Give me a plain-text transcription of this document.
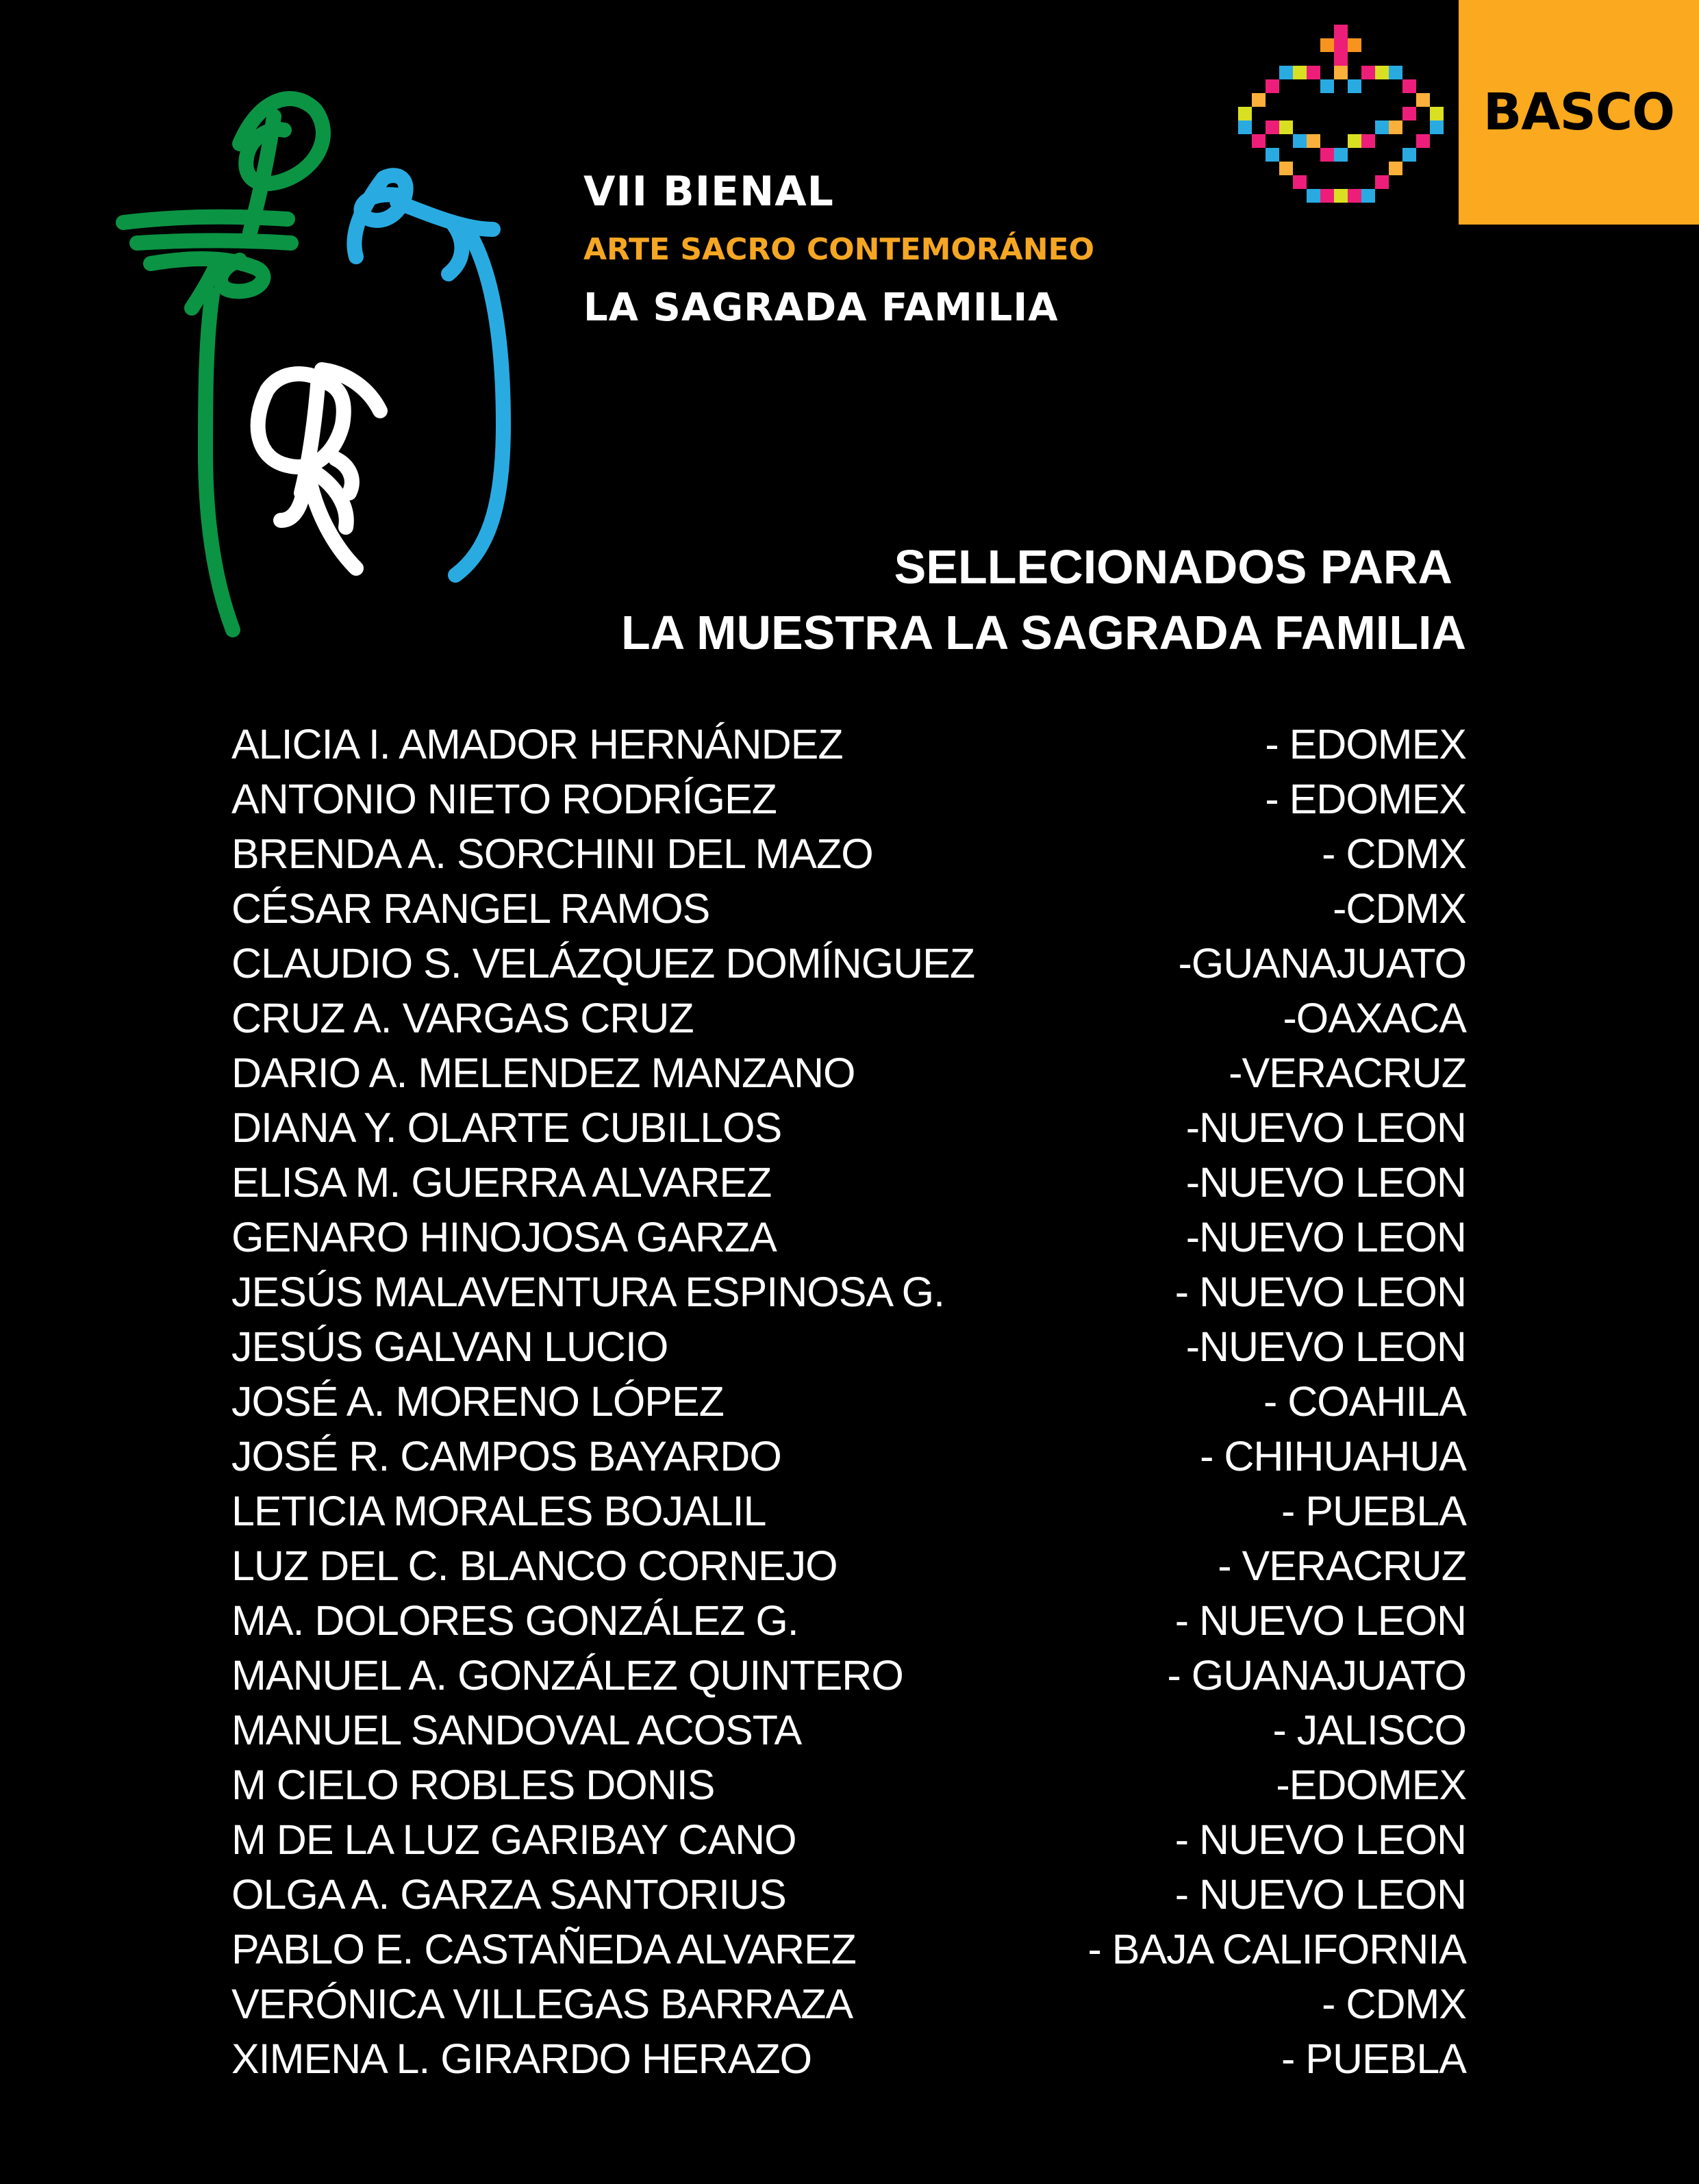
VII BIENAL
ARTE SACRO CONTEMORÁNEO
LA SAGRADA FAMILIA
BASCO
SELLECIONADOS PARA
LA MUESTRA LA SAGRADA FAMILIA
ALICIA I. AMADOR HERNÁNDEZ	- EDOMEX
ANTONIO NIETO RODRÍGEZ	- EDOMEX
BRENDA A. SORCHINI DEL MAZO	- CDMX
CÉSAR RANGEL RAMOS	-CDMX
CLAUDIO S. VELÁZQUEZ DOMÍNGUEZ	-GUANAJUATO
CRUZ A. VARGAS CRUZ	-OAXACA
DARIO A. MELENDEZ MANZANO	-VERACRUZ
DIANA Y. OLARTE CUBILLOS	-NUEVO LEON
ELISA M. GUERRA ALVAREZ	-NUEVO LEON
GENARO HINOJOSA GARZA	-NUEVO LEON
JESÚS MALAVENTURA ESPINOSA G.	- NUEVO LEON
JESÚS GALVAN LUCIO	-NUEVO LEON
JOSÉ A. MORENO LÓPEZ	- COAHILA
JOSÉ R. CAMPOS BAYARDO	- CHIHUAHUA
LETICIA MORALES BOJALIL	- PUEBLA
LUZ DEL C. BLANCO CORNEJO	- VERACRUZ
MA. DOLORES GONZÁLEZ G.	- NUEVO LEON
MANUEL A. GONZÁLEZ QUINTERO	- GUANAJUATO
MANUEL SANDOVAL ACOSTA	- JALISCO
M CIELO ROBLES DONIS	-EDOMEX
M DE LA LUZ GARIBAY CANO	- NUEVO LEON
OLGA A. GARZA SANTORIUS	- NUEVO LEON
PABLO E. CASTAÑEDA ALVAREZ	- BAJA CALIFORNIA
VERÓNICA VILLEGAS BARRAZA	- CDMX
XIMENA L. GIRARDO HERAZO	- PUEBLA
